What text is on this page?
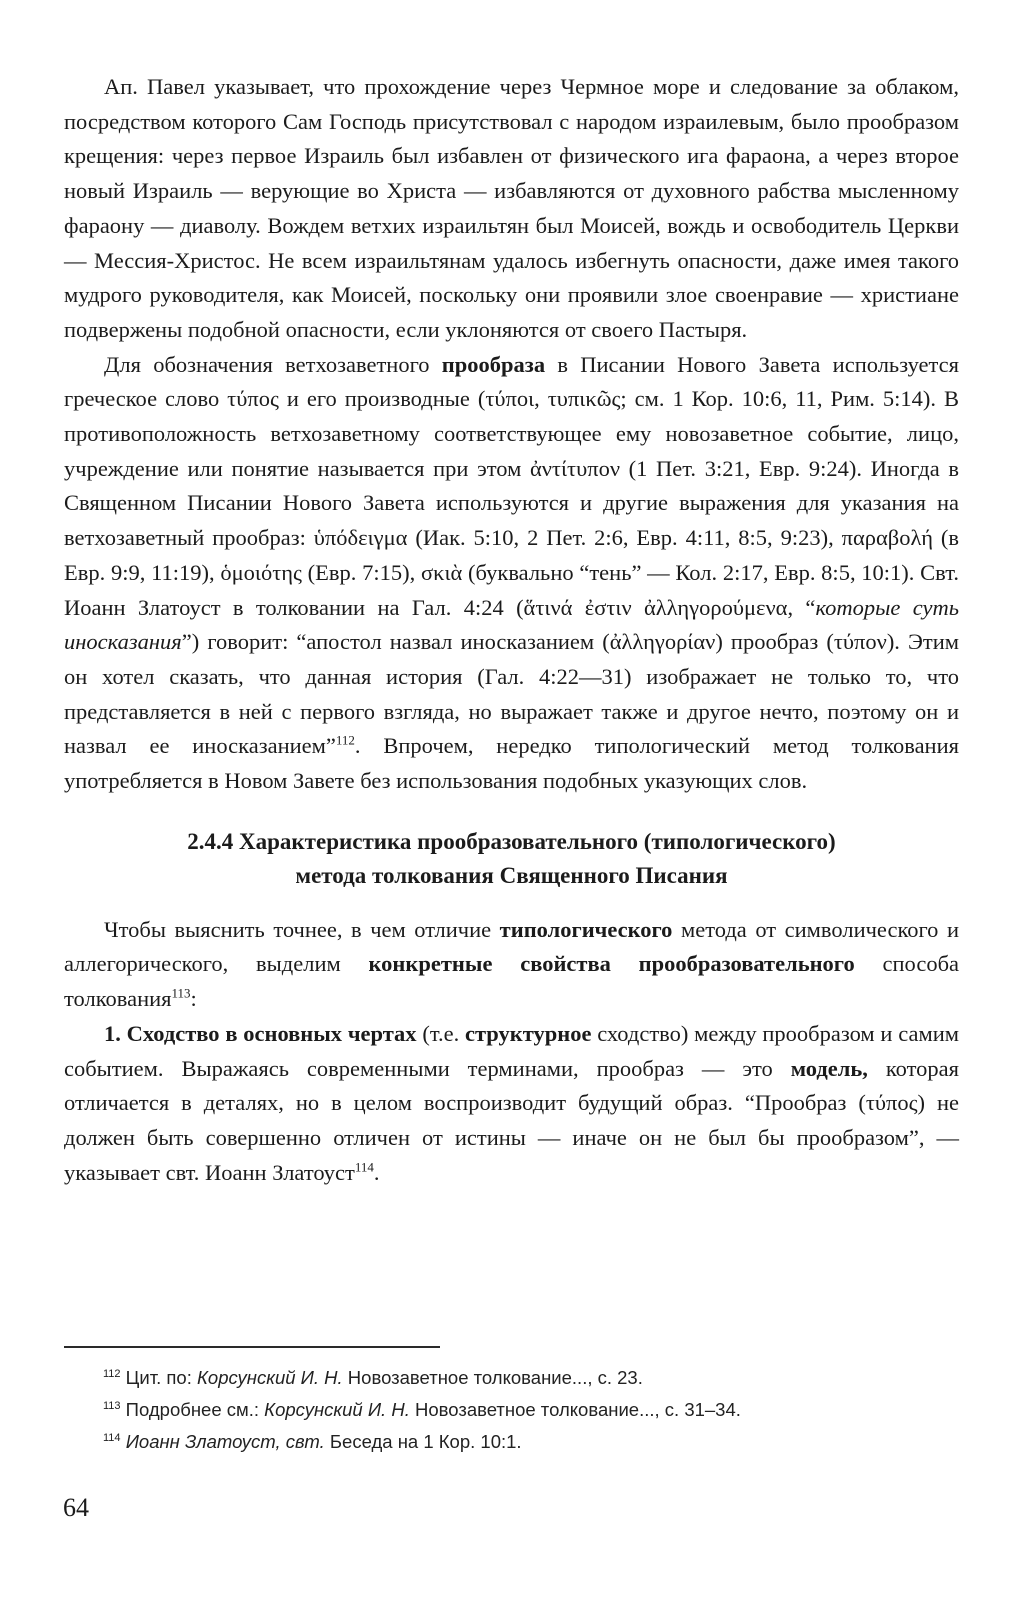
Ап. Павел указывает, что прохождение через Чермное море и следование за облаком, посредством которого Сам Господь присутствовал с народом израилевым, было прообразом крещения: через первое Израиль был избавлен от физического ига фараона, а через второе новый Израиль — верующие во Христа — избавляются от духовного рабства мысленному фараону — диаволу. Вождем ветхих израильтян был Моисей, вождь и освободитель Церкви — Мессия-Христос. Не всем израильтянам удалось избегнуть опасности, даже имея такого мудрого руководителя, как Моисей, поскольку они проявили злое своенравие — христиане подвержены подобной опасности, если уклоняются от своего Пастыря.

Для обозначения ветхозаветного прообраза в Писании Нового Завета используется греческое слово τύπος и его производные (τύποι, τυπικῶς; см. 1 Кор. 10:6, 11, Рим. 5:14). В противоположность ветхозаветному соответствующее ему новозаветное событие, лицо, учреждение или понятие называется при этом ἀντίτυπον (1 Пет. 3:21, Евр. 9:24). Иногда в Священном Писании Нового Завета используются и другие выражения для указания на ветхозаветный прообраз: ὑπόδειγμα (Иак. 5:10, 2 Пет. 2:6, Евр. 4:11, 8:5, 9:23), παραβολή (в Евр. 9:9, 11:19), ὁμοιότης (Евр. 7:15), σκιὰ (буквально “тень” — Кол. 2:17, Евр. 8:5, 10:1). Свт. Иоанн Златоуст в толковании на Гал. 4:24 (ἅτινά ἐστιν ἀλληγορούμενα, “которые суть иносказания”) говорит: “апостол назвал иносказанием (ἀλληγορίαν) прообраз (τύπον). Этим он хотел сказать, что данная история (Гал. 4:22—31) изображает не только то, что представляется в ней с первого взгляда, но выражает также и другое нечто, поэтому он и назвал ее иносказанием”$^{112}$. Впрочем, нередко типологический метод толкования употребляется в Новом Завете без использования подобных указующих слов.

2.4.4 Характеристика прообразовательного (типологического)
метода толкования Священного Писания

Чтобы выяснить точнее, в чем отличие типологического метода от символического и аллегорического, выделим конкретные свойства прообразовательного способа толкования$^{113}$:

1. Сходство в основных чертах (т.е. структурное сходство) между прообразом и самим событием. Выражаясь современными терминами, прообраз — это модель, которая отличается в деталях, но в целом воспроизводит будущий образ. “Прообраз (τύπος) не должен быть совершенно отличен от истины — иначе он не был бы прообразом”, — указывает свт. Иоанн Златоуст$^{114}$.

$^{112}$ Цит. по: Корсунский И. Н. Новозаветное толкование..., с. 23.
$^{113}$ Подробнее см.: Корсунский И. Н. Новозаветное толкование..., с. 31–34.
$^{114}$ Иоанн Златоуст, свт. Беседа на 1 Кор. 10:1.
64
